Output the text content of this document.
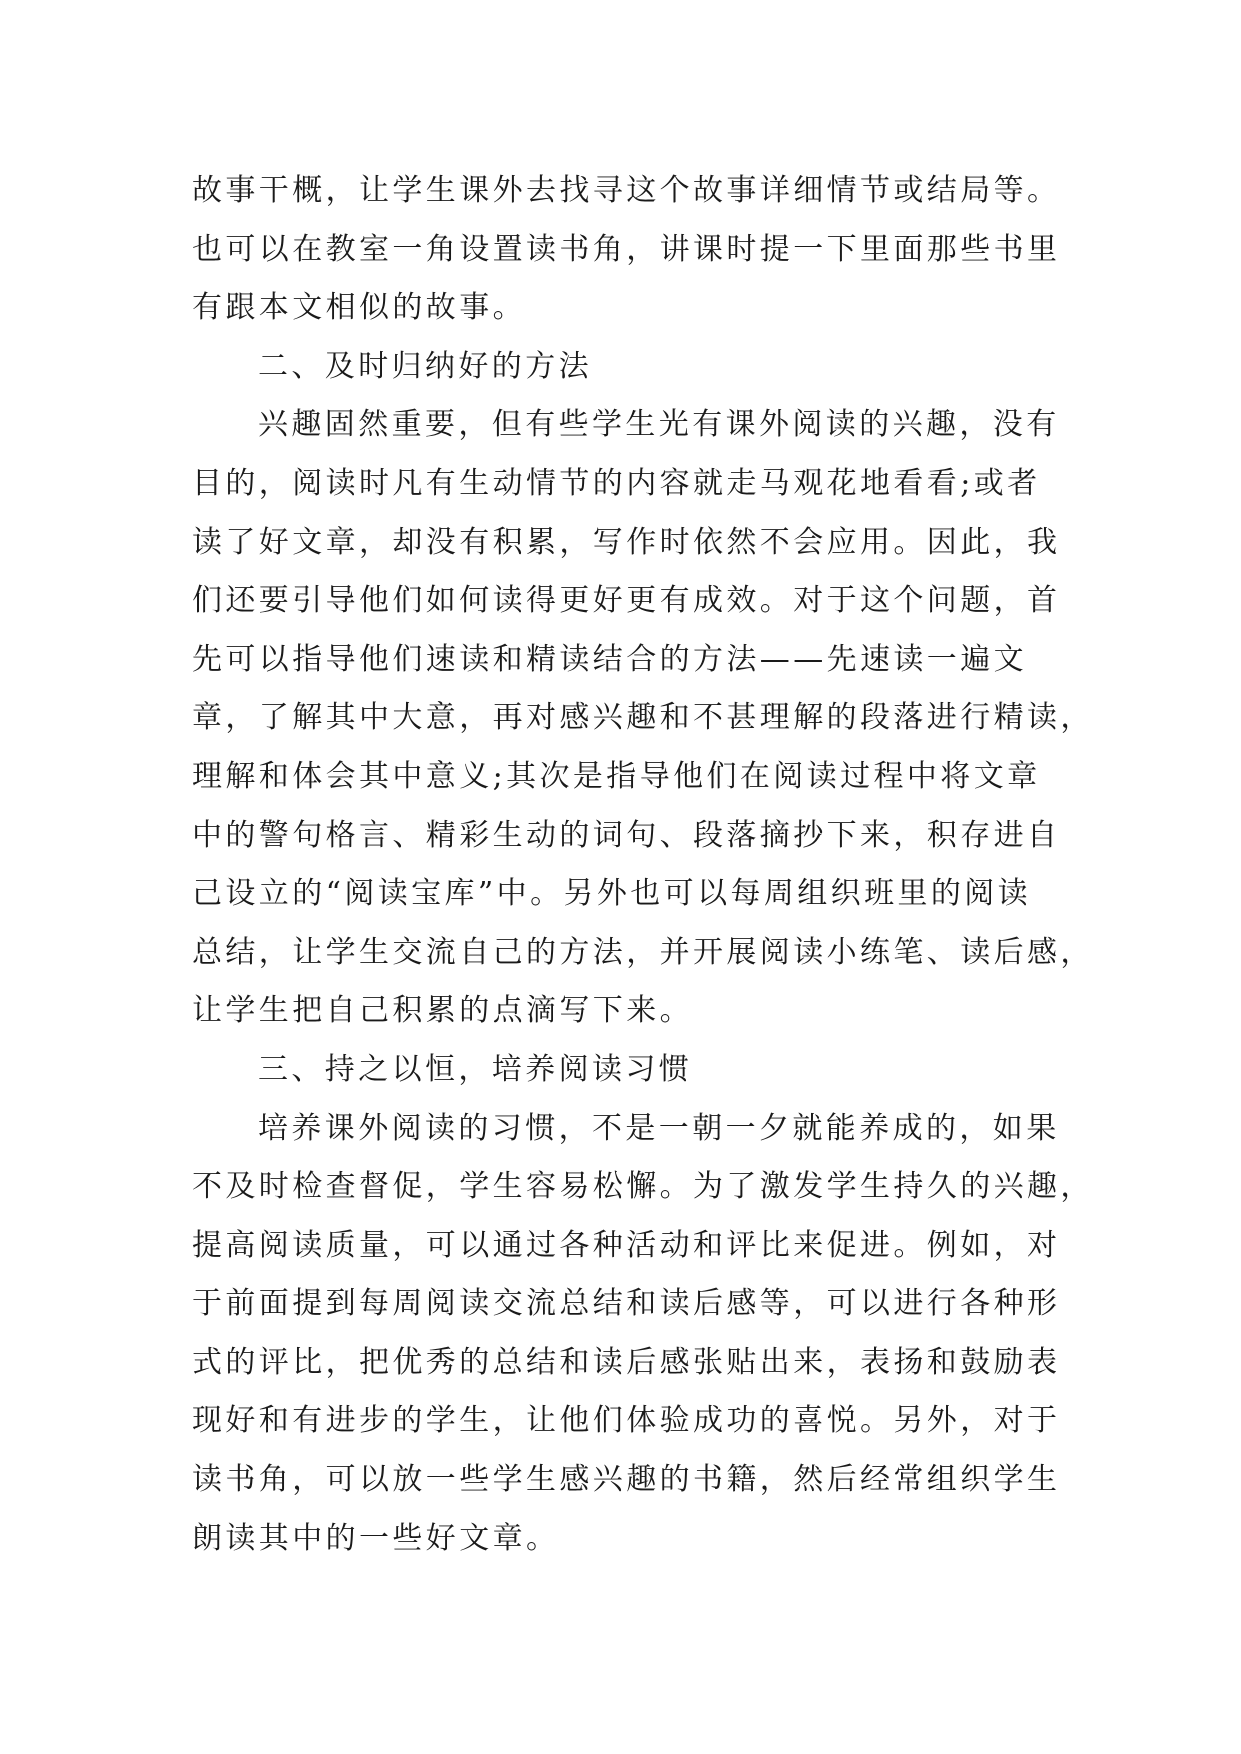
故事干概，让学生课外去找寻这个故事详细情节或结局等。
也可以在教室一角设置读书角，讲课时提一下里面那些书里
有跟本文相似的故事。
二、及时归纳好的方法
兴趣固然重要，但有些学生光有课外阅读的兴趣，没有
目的，阅读时凡有生动情节的内容就走马观花地看看;或者
读了好文章，却没有积累，写作时依然不会应用。因此，我
们还要引导他们如何读得更好更有成效。对于这个问题，首
先可以指导他们速读和精读结合的方法——先速读一遍文
章，了解其中大意，再对感兴趣和不甚理解的段落进行精读，
理解和体会其中意义;其次是指导他们在阅读过程中将文章
中的警句格言、精彩生动的词句、段落摘抄下来，积存进自
己设立的“阅读宝库”中。另外也可以每周组织班里的阅读
总结，让学生交流自己的方法，并开展阅读小练笔、读后感，
让学生把自己积累的点滴写下来。
三、持之以恒，培养阅读习惯
培养课外阅读的习惯，不是一朝一夕就能养成的，如果
不及时检查督促，学生容易松懈。为了激发学生持久的兴趣，
提高阅读质量，可以通过各种活动和评比来促进。例如，对
于前面提到每周阅读交流总结和读后感等，可以进行各种形
式的评比，把优秀的总结和读后感张贴出来，表扬和鼓励表
现好和有进步的学生，让他们体验成功的喜悦。另外，对于
读书角，可以放一些学生感兴趣的书籍，然后经常组织学生
朗读其中的一些好文章。
